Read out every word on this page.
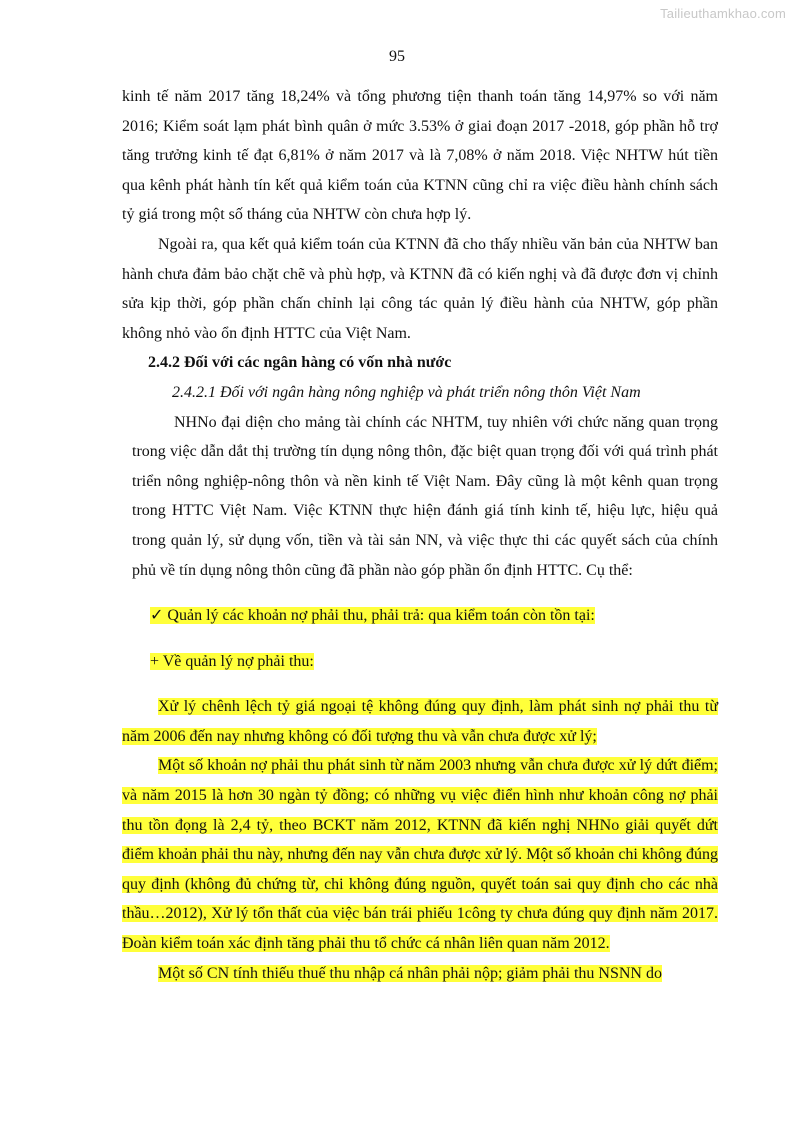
Tailieuthamkhao.com
95

kinh tế năm 2017 tăng 18,24% và tổng phương tiện thanh toán tăng 14,97% so với năm 2016; Kiểm soát lạm phát bình quân ở mức 3.53% ở giai đoạn 2017 -2018, góp phần hỗ trợ tăng trưởng kinh tế đạt 6,81% ở năm 2017 và là 7,08% ở năm 2018. Việc NHTW hút tiền qua kênh phát hành tín kết quả kiểm toán của KTNN cũng chỉ ra việc điều hành chính sách tỷ giá trong một số tháng của NHTW còn chưa hợp lý.

Ngoài ra, qua kết quả kiểm toán của KTNN đã cho thấy nhiều văn bản của NHTW ban hành chưa đảm bảo chặt chẽ và phù hợp, và KTNN đã có kiến nghị và đã được đơn vị chỉnh sửa kịp thời, góp phần chấn chỉnh lại công tác quản lý điều hành của NHTW, góp phần không nhỏ vào ổn định HTTC của Việt Nam.

2.4.2 Đối với các ngân hàng có vốn nhà nước

2.4.2.1 Đối với ngân hàng nông nghiệp và phát triển nông thôn Việt Nam

NHNo đại diện cho mảng tài chính các NHTM, tuy nhiên với chức năng quan trọng trong việc dẫn dắt thị trường tín dụng nông thôn, đặc biệt quan trọng đối với quá trình phát triển nông nghiệp-nông thôn và nền kinh tế Việt Nam. Đây cũng là một kênh quan trọng trong HTTC Việt Nam. Việc KTNN thực hiện đánh giá tính kinh tế, hiệu lực, hiệu quả trong quản lý, sử dụng vốn, tiền và tài sản NN, và việc thực thi các quyết sách của chính phủ về tín dụng nông thôn cũng đã phần nào góp phần ổn định HTTC. Cụ thể:

✓ Quản lý các khoản nợ phải thu, phải trả: qua kiểm toán còn tồn tại:

+ Về quản lý nợ phải thu:

Xử lý chênh lệch tỷ giá ngoại tệ không đúng quy định, làm phát sinh nợ phải thu từ năm 2006 đến nay nhưng không có đối tượng thu và vẫn chưa được xử lý;

Một số khoản nợ phải thu phát sinh từ năm 2003 nhưng vẫn chưa được xử lý dứt điểm; và năm 2015 là hơn 30 ngàn tỷ đồng; có những vụ việc điển hình như khoản công nợ phải thu tồn đọng là 2,4 tỷ, theo BCKT năm 2012, KTNN đã kiến nghị NHNo giải quyết dứt điểm khoản phải thu này, nhưng đến nay vẫn chưa được xử lý. Một số khoản chi không đúng quy định (không đủ chứng từ, chi không đúng nguồn, quyết toán sai quy định cho các nhà thầu…2012), Xử lý tổn thất của việc bán trái phiếu 1công ty chưa đúng quy định năm 2017. Đoàn kiểm toán xác định tăng phải thu tổ chức cá nhân liên quan năm 2012.

Một số CN tính thiếu thuế thu nhập cá nhân phải nộp; giảm phải thu NSNN do
